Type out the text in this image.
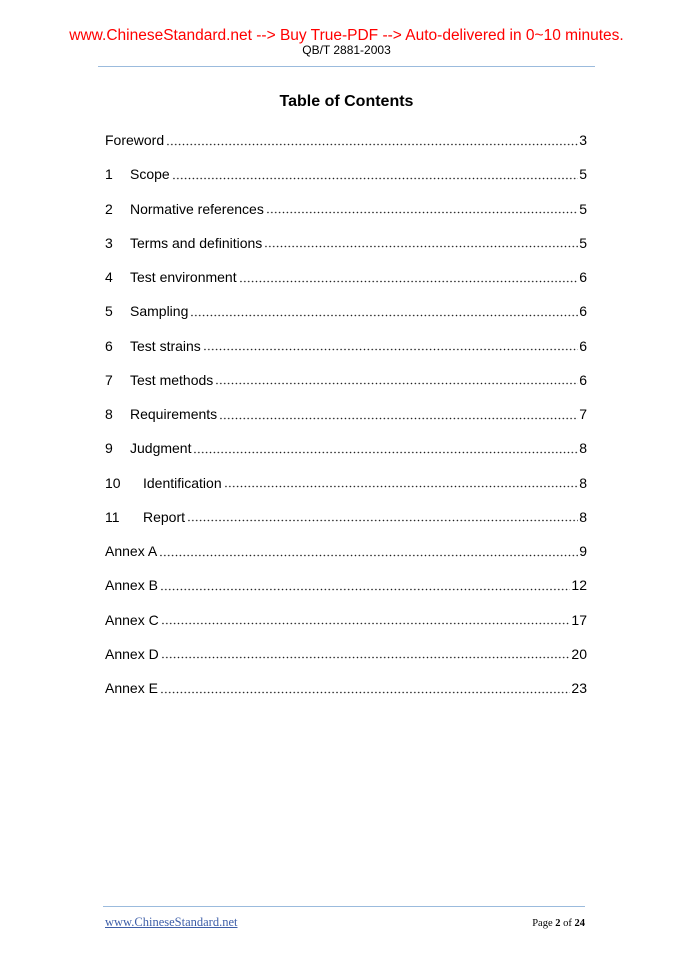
www.ChineseStandard.net --> Buy True-PDF --> Auto-delivered in 0~10 minutes.
QB/T 2881-2003
Table of Contents
Foreword	3
1	Scope	5
2	Normative references	5
3	Terms and definitions	5
4	Test environment	6
5	Sampling	6
6	Test strains	6
7	Test methods	6
8	Requirements	7
9	Judgment	8
10	Identification	8
11	Report	8
Annex A	9
Annex B	12
Annex C	17
Annex D	20
Annex E	23
www.ChineseStandard.net	Page 2 of 24
